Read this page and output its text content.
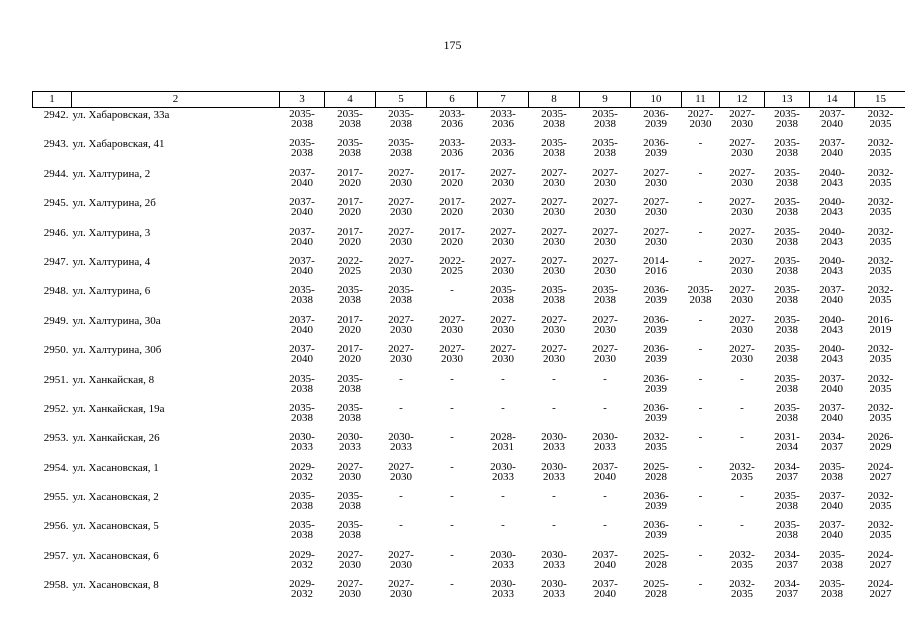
175
1	2	3	4	5	6	7	8	9	10	11	12	13	14	15
2942.	ул. Хабаровская, 33а	2035-
2038	2035-
2038	2035-
2038	2033-
2036	2033-
2036	2035-
2038	2035-
2038	2036-
2039	2027-
2030	2027-
2030	2035-
2038	2037-
2040	2032-
2035

2943.	ул. Хабаровская, 41	2035-
2038	2035-
2038	2035-
2038	2033-
2036	2033-
2036	2035-
2038	2035-
2038	2036-
2039	-	2027-
2030	2035-
2038	2037-
2040	2032-
2035

2944.	ул. Халтурина, 2	2037-
2040	2017-
2020	2027-
2030	2017-
2020	2027-
2030	2027-
2030	2027-
2030	2027-
2030	-	2027-
2030	2035-
2038	2040-
2043	2032-
2035

2945.	ул. Халтурина, 2б	2037-
2040	2017-
2020	2027-
2030	2017-
2020	2027-
2030	2027-
2030	2027-
2030	2027-
2030	-	2027-
2030	2035-
2038	2040-
2043	2032-
2035

2946.	ул. Халтурина, 3	2037-
2040	2017-
2020	2027-
2030	2017-
2020	2027-
2030	2027-
2030	2027-
2030	2027-
2030	-	2027-
2030	2035-
2038	2040-
2043	2032-
2035

2947.	ул. Халтурина, 4	2037-
2040	2022-
2025	2027-
2030	2022-
2025	2027-
2030	2027-
2030	2027-
2030	2014-
2016	-	2027-
2030	2035-
2038	2040-
2043	2032-
2035

2948.	ул. Халтурина, 6	2035-
2038	2035-
2038	2035-
2038	-	2035-
2038	2035-
2038	2035-
2038	2036-
2039	2035-
2038	2027-
2030	2035-
2038	2037-
2040	2032-
2035

2949.	ул. Халтурина, 30а	2037-
2040	2017-
2020	2027-
2030	2027-
2030	2027-
2030	2027-
2030	2027-
2030	2036-
2039	-	2027-
2030	2035-
2038	2040-
2043	2016-
2019

2950.	ул. Халтурина, 30б	2037-
2040	2017-
2020	2027-
2030	2027-
2030	2027-
2030	2027-
2030	2027-
2030	2036-
2039	-	2027-
2030	2035-
2038	2040-
2043	2032-
2035

2951.	ул. Ханкайская, 8	2035-
2038	2035-
2038	-	-	-	-	-	2036-
2039	-	-	2035-
2038	2037-
2040	2032-
2035

2952.	ул. Ханкайская, 19а	2035-
2038	2035-
2038	-	-	-	-	-	2036-
2039	-	-	2035-
2038	2037-
2040	2032-
2035

2953.	ул. Ханкайская, 26	2030-
2033	2030-
2033	2030-
2033	-	2028-
2031	2030-
2033	2030-
2033	2032-
2035	-	-	2031-
2034	2034-
2037	2026-
2029

2954.	ул. Хасановская, 1	2029-
2032	2027-
2030	2027-
2030	-	2030-
2033	2030-
2033	2037-
2040	2025-
2028	-	2032-
2035	2034-
2037	2035-
2038	2024-
2027

2955.	ул. Хасановская, 2	2035-
2038	2035-
2038	-	-	-	-	-	2036-
2039	-	-	2035-
2038	2037-
2040	2032-
2035

2956.	ул. Хасановская, 5	2035-
2038	2035-
2038	-	-	-	-	-	2036-
2039	-	-	2035-
2038	2037-
2040	2032-
2035

2957.	ул. Хасановская, 6	2029-
2032	2027-
2030	2027-
2030	-	2030-
2033	2030-
2033	2037-
2040	2025-
2028	-	2032-
2035	2034-
2037	2035-
2038	2024-
2027

2958.	ул. Хасановская, 8	2029-
2032	2027-
2030	2027-
2030	-	2030-
2033	2030-
2033	2037-
2040	2025-
2028	-	2032-
2035	2034-
2037	2035-
2038	2024-
2027
